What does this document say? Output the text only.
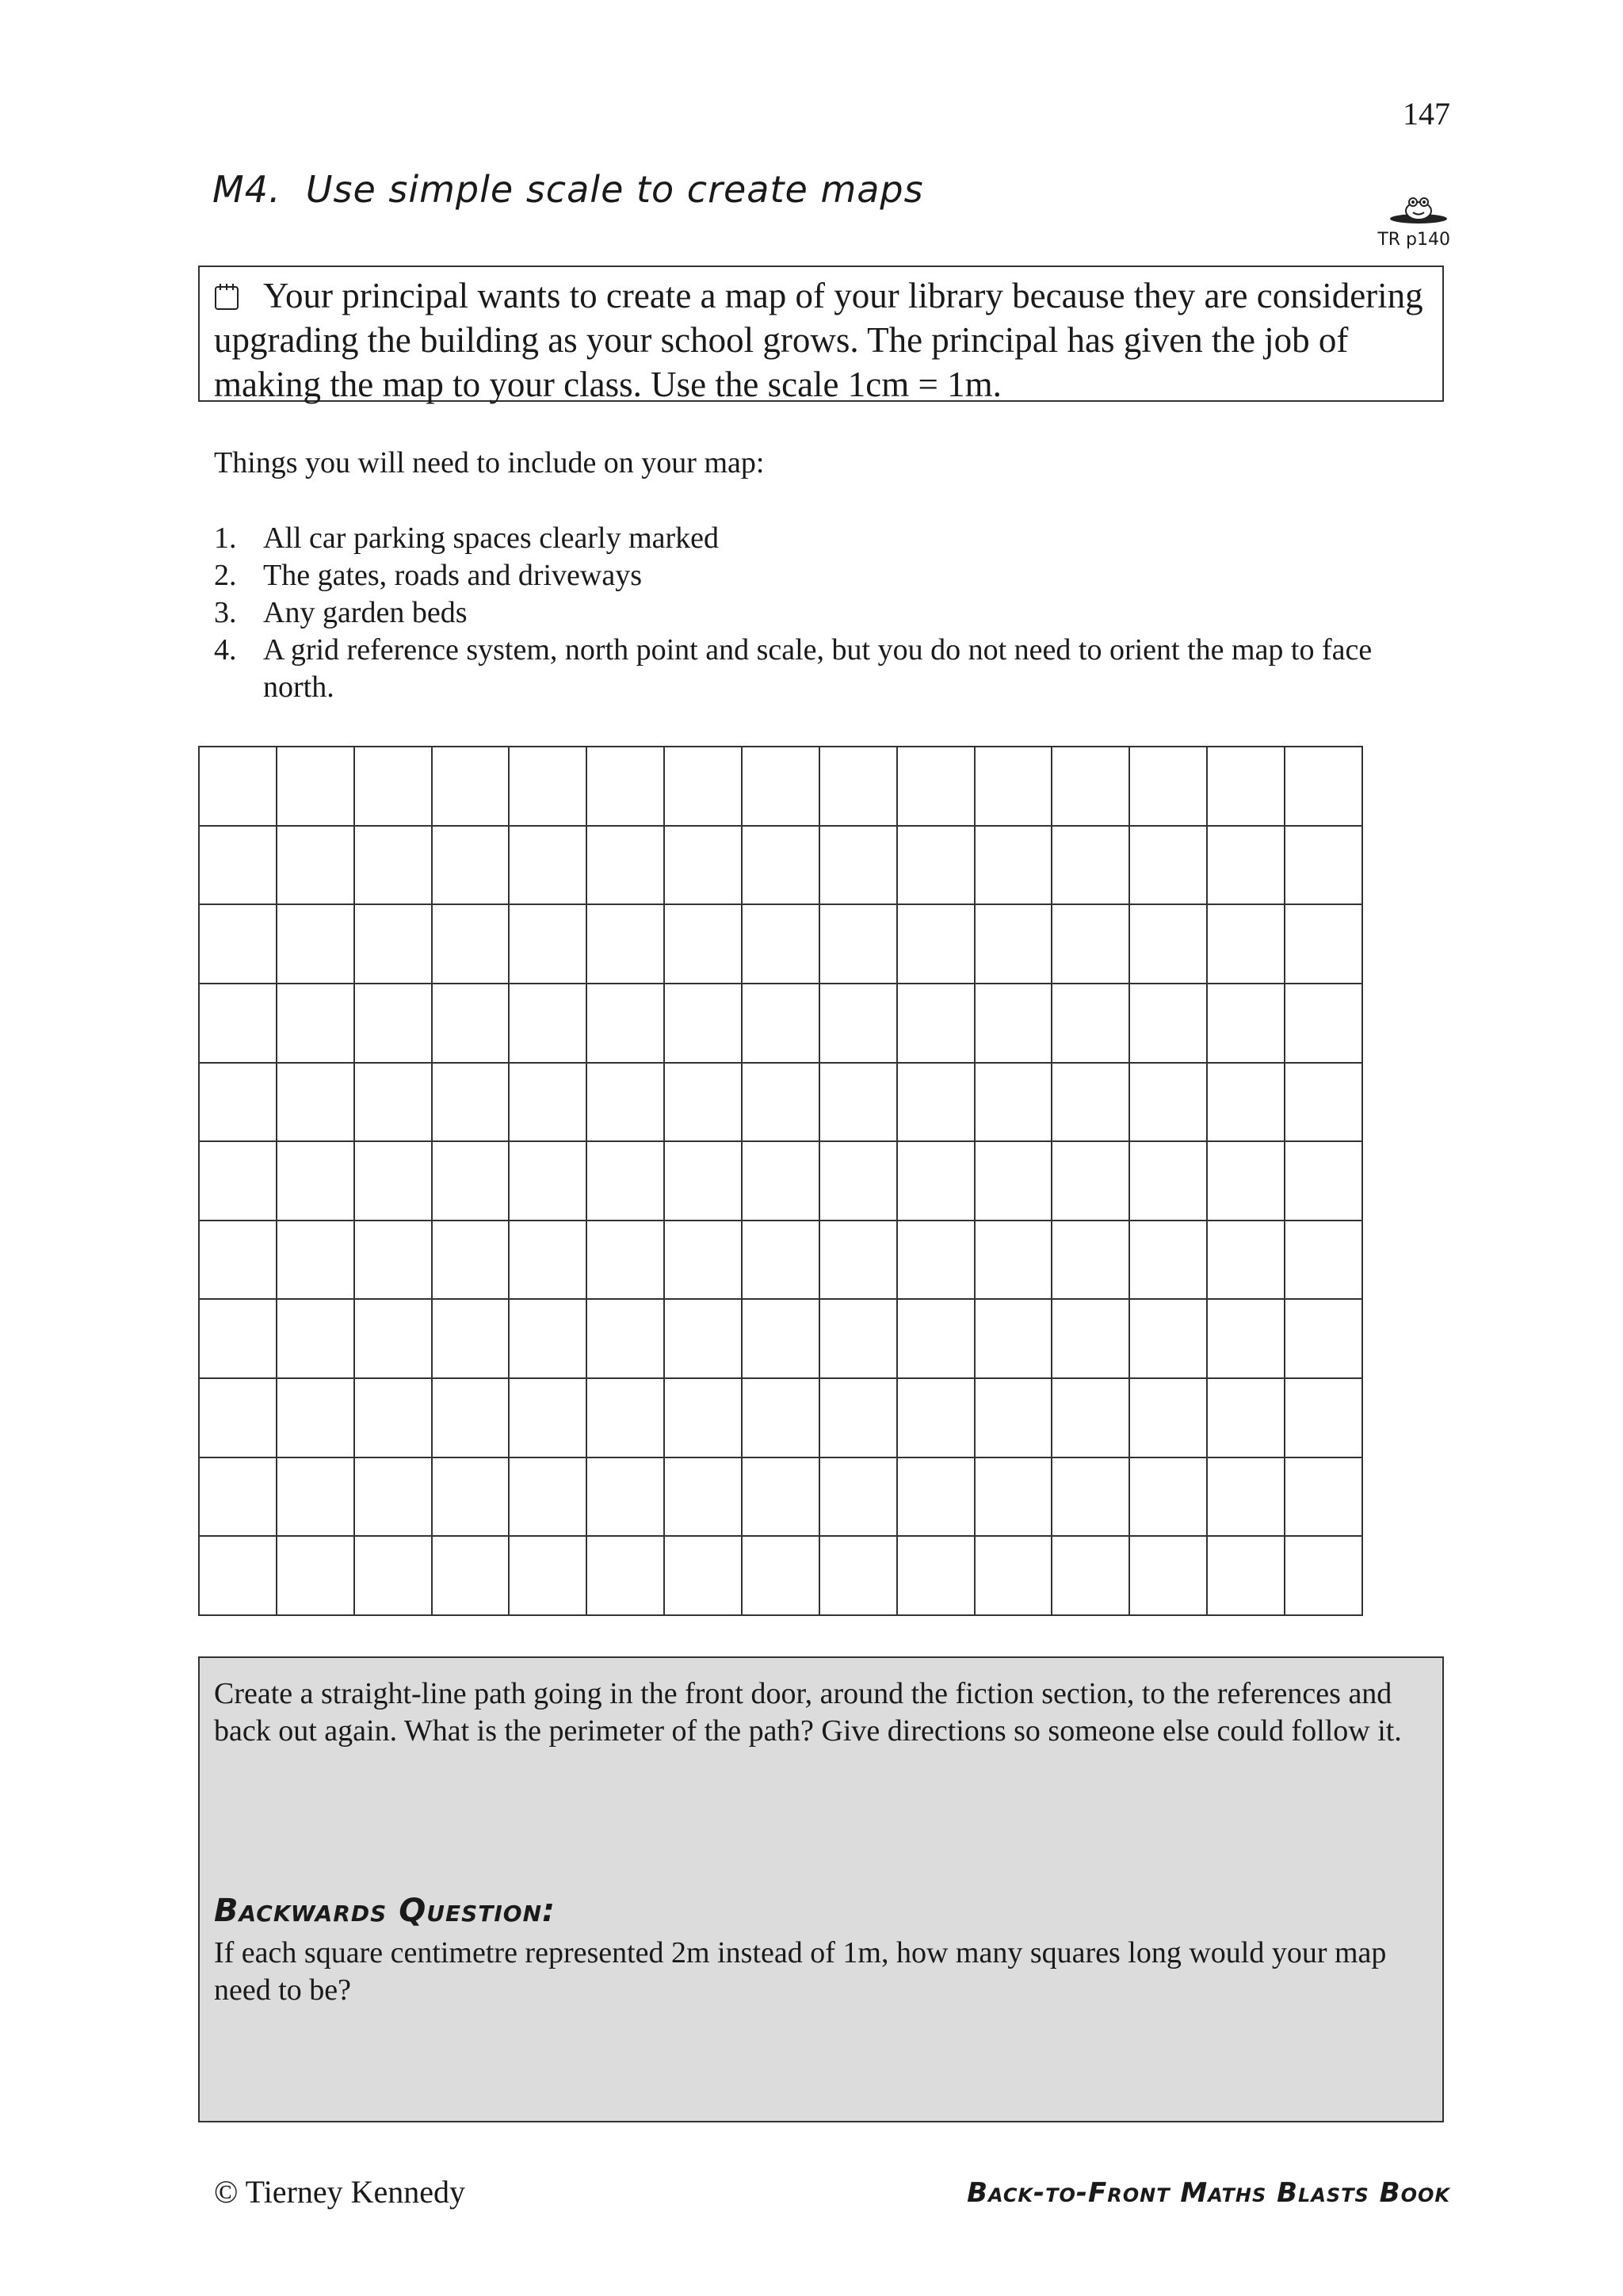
147
M4.  Use simple scale to create maps
TR p140
Your principal wants to create a map of your library because they are considering upgrading the building as your school grows. The principal has given the job of making the map to your class. Use the scale 1cm = 1m.
Things you will need to include on your map:
1. All car parking spaces clearly marked
2. The gates, roads and driveways
3. Any garden beds
4. A grid reference system, north point and scale, but you do not need to orient the map to face north.

Create a straight-line path going in the front door, around the fiction section, to the references and back out again. What is the perimeter of the path? Give directions so someone else could follow it.

Backwards Question:

If each square centimetre represented 2m instead of 1m, how many squares long would your map need to be?

© Tierney Kennedy	Back-to-Front Maths Blasts Book
